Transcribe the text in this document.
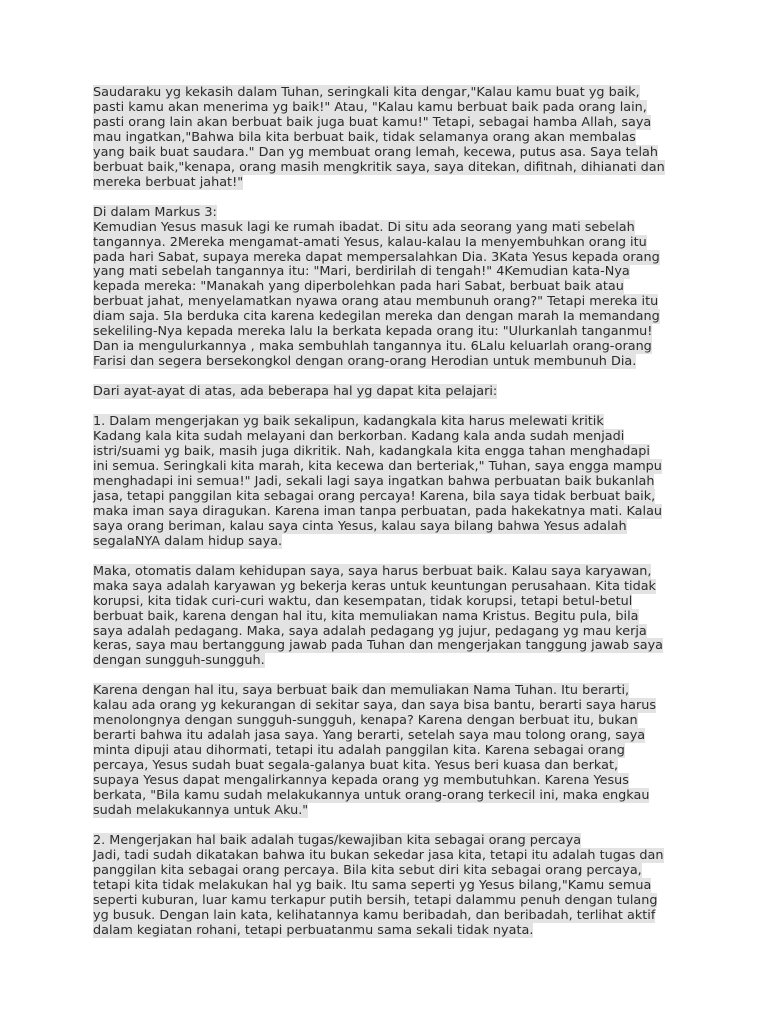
Saudaraku yg kekasih dalam Tuhan, seringkali kita dengar,"Kalau kamu buat yg baik,
pasti kamu akan menerima yg baik!" Atau, "Kalau kamu berbuat baik pada orang lain,
pasti orang lain akan berbuat baik juga buat kamu!" Tetapi, sebagai hamba Allah, saya
mau ingatkan,"Bahwa bila kita berbuat baik, tidak selamanya orang akan membalas
yang baik buat saudara." Dan yg membuat orang lemah, kecewa, putus asa. Saya telah
berbuat baik,"kenapa, orang masih mengkritik saya, saya ditekan, difitnah, dihianati dan
mereka berbuat jahat!"
Di dalam Markus 3:
Kemudian Yesus masuk lagi ke rumah ibadat. Di situ ada seorang yang mati sebelah
tangannya. 2Mereka mengamat-amati Yesus, kalau-kalau Ia menyembuhkan orang itu
pada hari Sabat, supaya mereka dapat mempersalahkan Dia. 3Kata Yesus kepada orang
yang mati sebelah tangannya itu: "Mari, berdirilah di tengah!" 4Kemudian kata-Nya
kepada mereka: "Manakah yang diperbolehkan pada hari Sabat, berbuat baik atau
berbuat jahat, menyelamatkan nyawa orang atau membunuh orang?" Tetapi mereka itu
diam saja. 5Ia berduka cita karena kedegilan mereka dan dengan marah Ia memandang
sekeliling-Nya kepada mereka lalu Ia berkata kepada orang itu: "Ulurkanlah tanganmu!
Dan ia mengulurkannya , maka sembuhlah tangannya itu. 6Lalu keluarlah orang-orang
Farisi dan segera bersekongkol dengan orang-orang Herodian untuk membunuh Dia.
Dari ayat-ayat di atas, ada beberapa hal yg dapat kita pelajari:
1. Dalam mengerjakan yg baik sekalipun, kadangkala kita harus melewati kritik
Kadang kala kita sudah melayani dan berkorban. Kadang kala anda sudah menjadi
istri/suami yg baik, masih juga dikritik. Nah, kadangkala kita engga tahan menghadapi
ini semua. Seringkali kita marah, kita kecewa dan berteriak," Tuhan, saya engga mampu
menghadapi ini semua!" Jadi, sekali lagi saya ingatkan bahwa perbuatan baik bukanlah
jasa, tetapi panggilan kita sebagai orang percaya! Karena, bila saya tidak berbuat baik,
maka iman saya diragukan. Karena iman tanpa perbuatan, pada hakekatnya mati. Kalau
saya orang beriman, kalau saya cinta Yesus, kalau saya bilang bahwa Yesus adalah
segalaNYA dalam hidup saya.
Maka, otomatis dalam kehidupan saya, saya harus berbuat baik. Kalau saya karyawan,
maka saya adalah karyawan yg bekerja keras untuk keuntungan perusahaan. Kita tidak
korupsi, kita tidak curi-curi waktu, dan kesempatan, tidak korupsi, tetapi betul-betul
berbuat baik, karena dengan hal itu, kita memuliakan nama Kristus. Begitu pula, bila
saya adalah pedagang. Maka, saya adalah pedagang yg jujur, pedagang yg mau kerja
keras, saya mau bertanggung jawab pada Tuhan dan mengerjakan tanggung jawab saya
dengan sungguh-sungguh.
Karena dengan hal itu, saya berbuat baik dan memuliakan Nama Tuhan. Itu berarti,
kalau ada orang yg kekurangan di sekitar saya, dan saya bisa bantu, berarti saya harus
menolongnya dengan sungguh-sungguh, kenapa? Karena dengan berbuat itu, bukan
berarti bahwa itu adalah jasa saya. Yang berarti, setelah saya mau tolong orang, saya
minta dipuji atau dihormati, tetapi itu adalah panggilan kita. Karena sebagai orang
percaya, Yesus sudah buat segala-galanya buat kita. Yesus beri kuasa dan berkat,
supaya Yesus dapat mengalirkannya kepada orang yg membutuhkan. Karena Yesus
berkata, "Bila kamu sudah melakukannya untuk orang-orang terkecil ini, maka engkau
sudah melakukannya untuk Aku."
2. Mengerjakan hal baik adalah tugas/kewajiban kita sebagai orang percaya
Jadi, tadi sudah dikatakan bahwa itu bukan sekedar jasa kita, tetapi itu adalah tugas dan
panggilan kita sebagai orang percaya. Bila kita sebut diri kita sebagai orang percaya,
tetapi kita tidak melakukan hal yg baik. Itu sama seperti yg Yesus bilang,"Kamu semua
seperti kuburan, luar kamu terkapur putih bersih, tetapi dalammu penuh dengan tulang
yg busuk. Dengan lain kata, kelihatannya kamu beribadah, dan beribadah, terlihat aktif
dalam kegiatan rohani, tetapi perbuatanmu sama sekali tidak nyata.
